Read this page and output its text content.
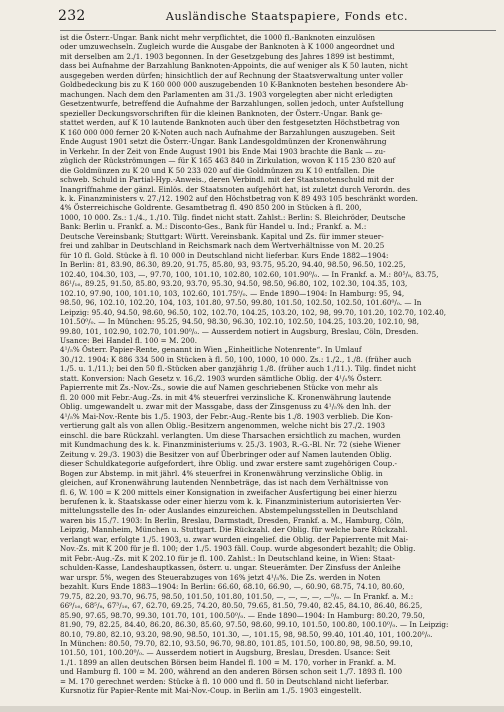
232	Ausländische Staatspapiere, Fonds etc.
ist die Österr.-Ungar. Bank nicht mehr verpflichtet, die 1000 fl.-Banknoten einzulösen
oder umzuwechseln. Zugleich wurde die Ausgabe der Banknoten à K 1000 angeordnet und
mit derselben am 2./1. 1903 begonnen. In der Gesetzgebung des Jahres 1899 ist bestimmt,
dass bei Aufnahme der Barzahlung Banknoten-Appoints, die auf weniger als K 50 lauten, nicht
ausgegeben werden dürfen; hinsichtlich der auf Rechnung der Staatsverwaltung unter voller
Goldbedeckung bis zu K 160 000 000 auszugebenden 10 K-Banknoten bestehen besondere Ab-
machungen. Nach dem den Parlamenten am 31./3. 1903 vorgelegten aber nicht erledigten
Gesetzentwurfe, betreffend die Aufnahme der Barzahlungen, sollen jedoch, unter Aufstellung
spezieller Deckungsvorschriften für die kleinen Banknoten, der Österr.-Ungar. Bank ge-
stattet werden, auf K 10 lautende Banknoten auch über den festgesetzten Höchstbetrag von
K 160 000 000 ferner 20 K-Noten auch nach Aufnahme der Barzahlungen auszugeben. Seit
Ende August 1901 setzt die Österr.-Ungar. Bank Landesgoldmünzen der Kronenwährung
in Verkehr. In der Zeit von Ende August 1901 bis Ende Mai 1903 brachte die Bank — zu-
züglich der Rückströmungen — für K 165 463 840 in Zirkulation, wovon K 115 230 820 auf
die Goldmünzen zu K 20 und K 50 233 020 auf die Goldmünzen zu K 10 entfallen. Die
schweb. Schuld in Partial-Hyp.-Anweis., deren Verbindl. mit der Staatsnotenschuld mit der
Inangriffnahme der gänzl. Einlös. der Staatsnoten aufgehört hat, ist zuletzt durch Verordn. des
k. k. Finanzministers v. 27./12. 1902 auf den Höchstbetrag von K 89 493 105 beschränkt worden.
4% Österreichische Goldrente. Gesamtbetrag fl. 490 850 200 in Stücken à fl. 200,
1000, 10 000. Zs.: 1./4., 1./10. Tilg. findet nicht statt. Zahlst.: Berlin: S. Bleichröder, Deutsche
Bank: Berlin u. Frankf. a. M.: Disconto-Ges., Bank für Handel u. Ind.; Frankf. a. M.:
Deutsche Vereinsbank; Stuttgart: Württ. Vereinsbank. Kapital und Zs. für immer steuer-
frei und zahlbar in Deutschland in Reichsmark nach dem Wertverhältnisse von M. 20.25
für 10 fl. Gold. Stücke à fl. 10 000 in Deutschland nicht lieferbar. Kurs Ende 1882—1904:
In Berlin: 81, 83.90, 86.30, 89.20, 91.75, 85.80, 93, 93.75, 95.20, 94.40, 98.50, 96.50, 102.25,
102.40, 104.30, 103, —, 97.70, 100, 101.10, 102.80, 102.60, 101.90⁰/₀. — In Frankf. a. M.: 80⁵/₈, 83.75,
86¹/₁₆, 89.25, 91.50, 85.80, 93.20, 93.70, 95.30, 94.50, 98.50, 96.80, 102, 102.30, 104.35, 103,
102.10, 97.90, 100, 101.10, 103, 102.60, 101.75⁰/₀. — Ende 1890—1904: In Hamburg: 95, 94,
98.50, 96, 102.10, 102.20, 104, 103, 101.80, 97.50, 99.80, 101.50, 102.50, 102.50, 101.60⁰/₀. — In
Leipzig: 95.40, 94.50, 98.60, 96.50, 102, 102.70, 104.25, 103.20, 102, 98, 99.70, 101.20, 102.70, 102.40,
101.50⁰/₀. — In München: 95.25, 94.50, 98.30, 96.30, 102.10, 102.50, 104.25, 103.20, 102.10, 98,
99.80, 101, 102.90, 102.70, 101.90⁰/₀. — Ausserdem notiert in Augsburg, Breslau, Cöln, Dresden.
Usance: Bei Handel fl. 100 = M. 200.
4¹/₅% Österr. Papier-Rente, genannt in Wien „Einheitliche Notenrente“. In Umlauf
30./12. 1904: K 886 334 500 in Stücken à fl. 50, 100, 1000, 10 000. Zs.: 1./2., 1./8. (früher auch
1./5. u. 1./11.); bei den 50 fl.-Stücken aber ganzjährig 1./8. (früher auch 1./11.). Tilg. findet nicht
statt. Konversion: Nach Gesetz v. 16./2. 1903 wurden sämtliche Oblig. der 4¹/₅% Österr.
Papierrente mit Zs.-Nov.-Zs., sowie die auf Namen geschriebenen Stücke von mehr als
fl. 20 000 mit Febr.-Aug.-Zs. in mit 4% steuerfrei verzinsliche K. Kronenwährung lautende
Oblig. umgewandelt u. zwar mit der Massgabe, dass der Zinsgenuss zu 4¹/₅% den lnh. der
4¹/₅% Mai-Nov.-Rente bis 1./5. 1903, der Febr.-Aug.-Rente bis 1./8. 1903 verblieb. Die Kon-
vertierung galt als von allen Oblig.-Besitzern angenommen, welche nicht bis 27./2. 1903
einschl. die bare Rückzahl. verlangten. Um diese Tharsachen ersichtlich zu machen, wurden
mit Kundmachung des k. k. Finanzministeriums v. 25./3. 1903, R.-G.-Bl. Nr. 72 (siehe Wiener
Zeitung v. 29./3. 1903) die Besitzer von auf Überbringer oder auf Namen lautenden Oblig.
dieser Schuldkategorie aufgefordert, ihre Oblig. und zwar erstere samt zugehörigen Coup.-
Bogen zur Abstemp. in mit jährl. 4% steuerfrei in Kronenwährung verzinsliche Oblig. in
gleichen, auf Kronenwährung lautenden Nennbeträge, das ist nach dem Verhältnisse von
fl. 6, W. 100 = K 200 mittels einer Konsignation in zweifacher Ausfertigung bei einer hierzu
berufenen k. k. Staatskasse oder einer hierzu vom k. k. Finanzministerium autorisierten Ver-
mittelungsstelle des In- oder Auslandes einzureichen. Abstempelungsstellen in Deutschland
waren bis 15./7. 1903: In Berlin, Breslau, Darmstadt, Dresden, Frankf. a. M., Hamburg, Cöln,
Leipzig, Mannheim, München u. Stuttgart. Die Rückzahl. der Oblig. für welche bare Rückzahl.
verlangt war, erfolgte 1./5. 1903, u. zwar wurden eingelief. die Oblig. der Papierrente mit Mai-
Nov.-Zs. mit K 200 für je fl. 100; der 1./5. 1903 fäll. Coup. wurde abgesondert bezahlt; die Oblig.
mit Febr.-Aug.-Zs. mit K 202.10 für je fl. 100. Zahlst.: In Deutschland keine, in Wien: Staat-
schulden-Kasse, Landeshauptkassen, österr. u. ungar. Steuerämter. Der Zinsfuss der Anleihe
war urspr. 5%, wegen des Steuerabzuges von 16% jetzt 4¹/₅%. Die Zs. werden in Noten
bezahlt. Kurs Ende 1883—1904: In Berlin: 66.60, 68.10, 66.90, —, 60.90, 68.75, 74.10, 80.60,
79.75, 82.20, 93.70, 96.75, 98.50, 101.50, 101.80, 101.50, —, —, —, —, —⁰/₀. — In Frankf. a. M.:
66⁹/₁₆, 68⁵/₈, 67³/₁₆, 67, 62.70, 69.25, 74.20, 80.50, 79.65, 81.50, 79.40, 82.45, 84.10, 86.40, 86.25,
85.90, 97.65, 98.70, 99.30, 101.70, 101, 100.50⁰/₀. — Ende 1890—1904: In Hamburg: 80.20, 79.50,
81.90, 79, 82.25, 84.40, 86.20, 86.30, 85.60, 97.50, 98.60, 99.10, 101.50, 100.80, 100.10⁰/₀. — In Leipzig:
80.10, 79.80, 82.10, 93.20, 98.90, 98.50, 101.30, —, 101.15, 98, 98.50, 99.40, 101.40, 101, 100.20⁰/₀.
In München: 80.50, 79.70, 82.10, 93.50, 96.70, 98.80, 101.85, 101.50, 100.80, 98, 98.50, 99.10,
101.50, 101, 100.20⁰/₀. — Ausserdem notiert in Augsburg, Breslau, Dresden. Usance: Seit
1./1. 1899 an allen deutschen Börsen beim Handel fl. 100 = M. 170, vorher in Frankf. a. M.
und Hamburg fl. 100 = M. 200, während an den anderen Börsen schon seit 1./7. 1893 fl. 100
= M. 170 gerechnet werden: Stücke à fl. 10 000 und fl. 50 in Deutschland nicht lieferbar.
Kursnotiz für Papier-Rente mit Mai-Nov.-Coup. in Berlin am 1./5. 1903 eingestellt.
